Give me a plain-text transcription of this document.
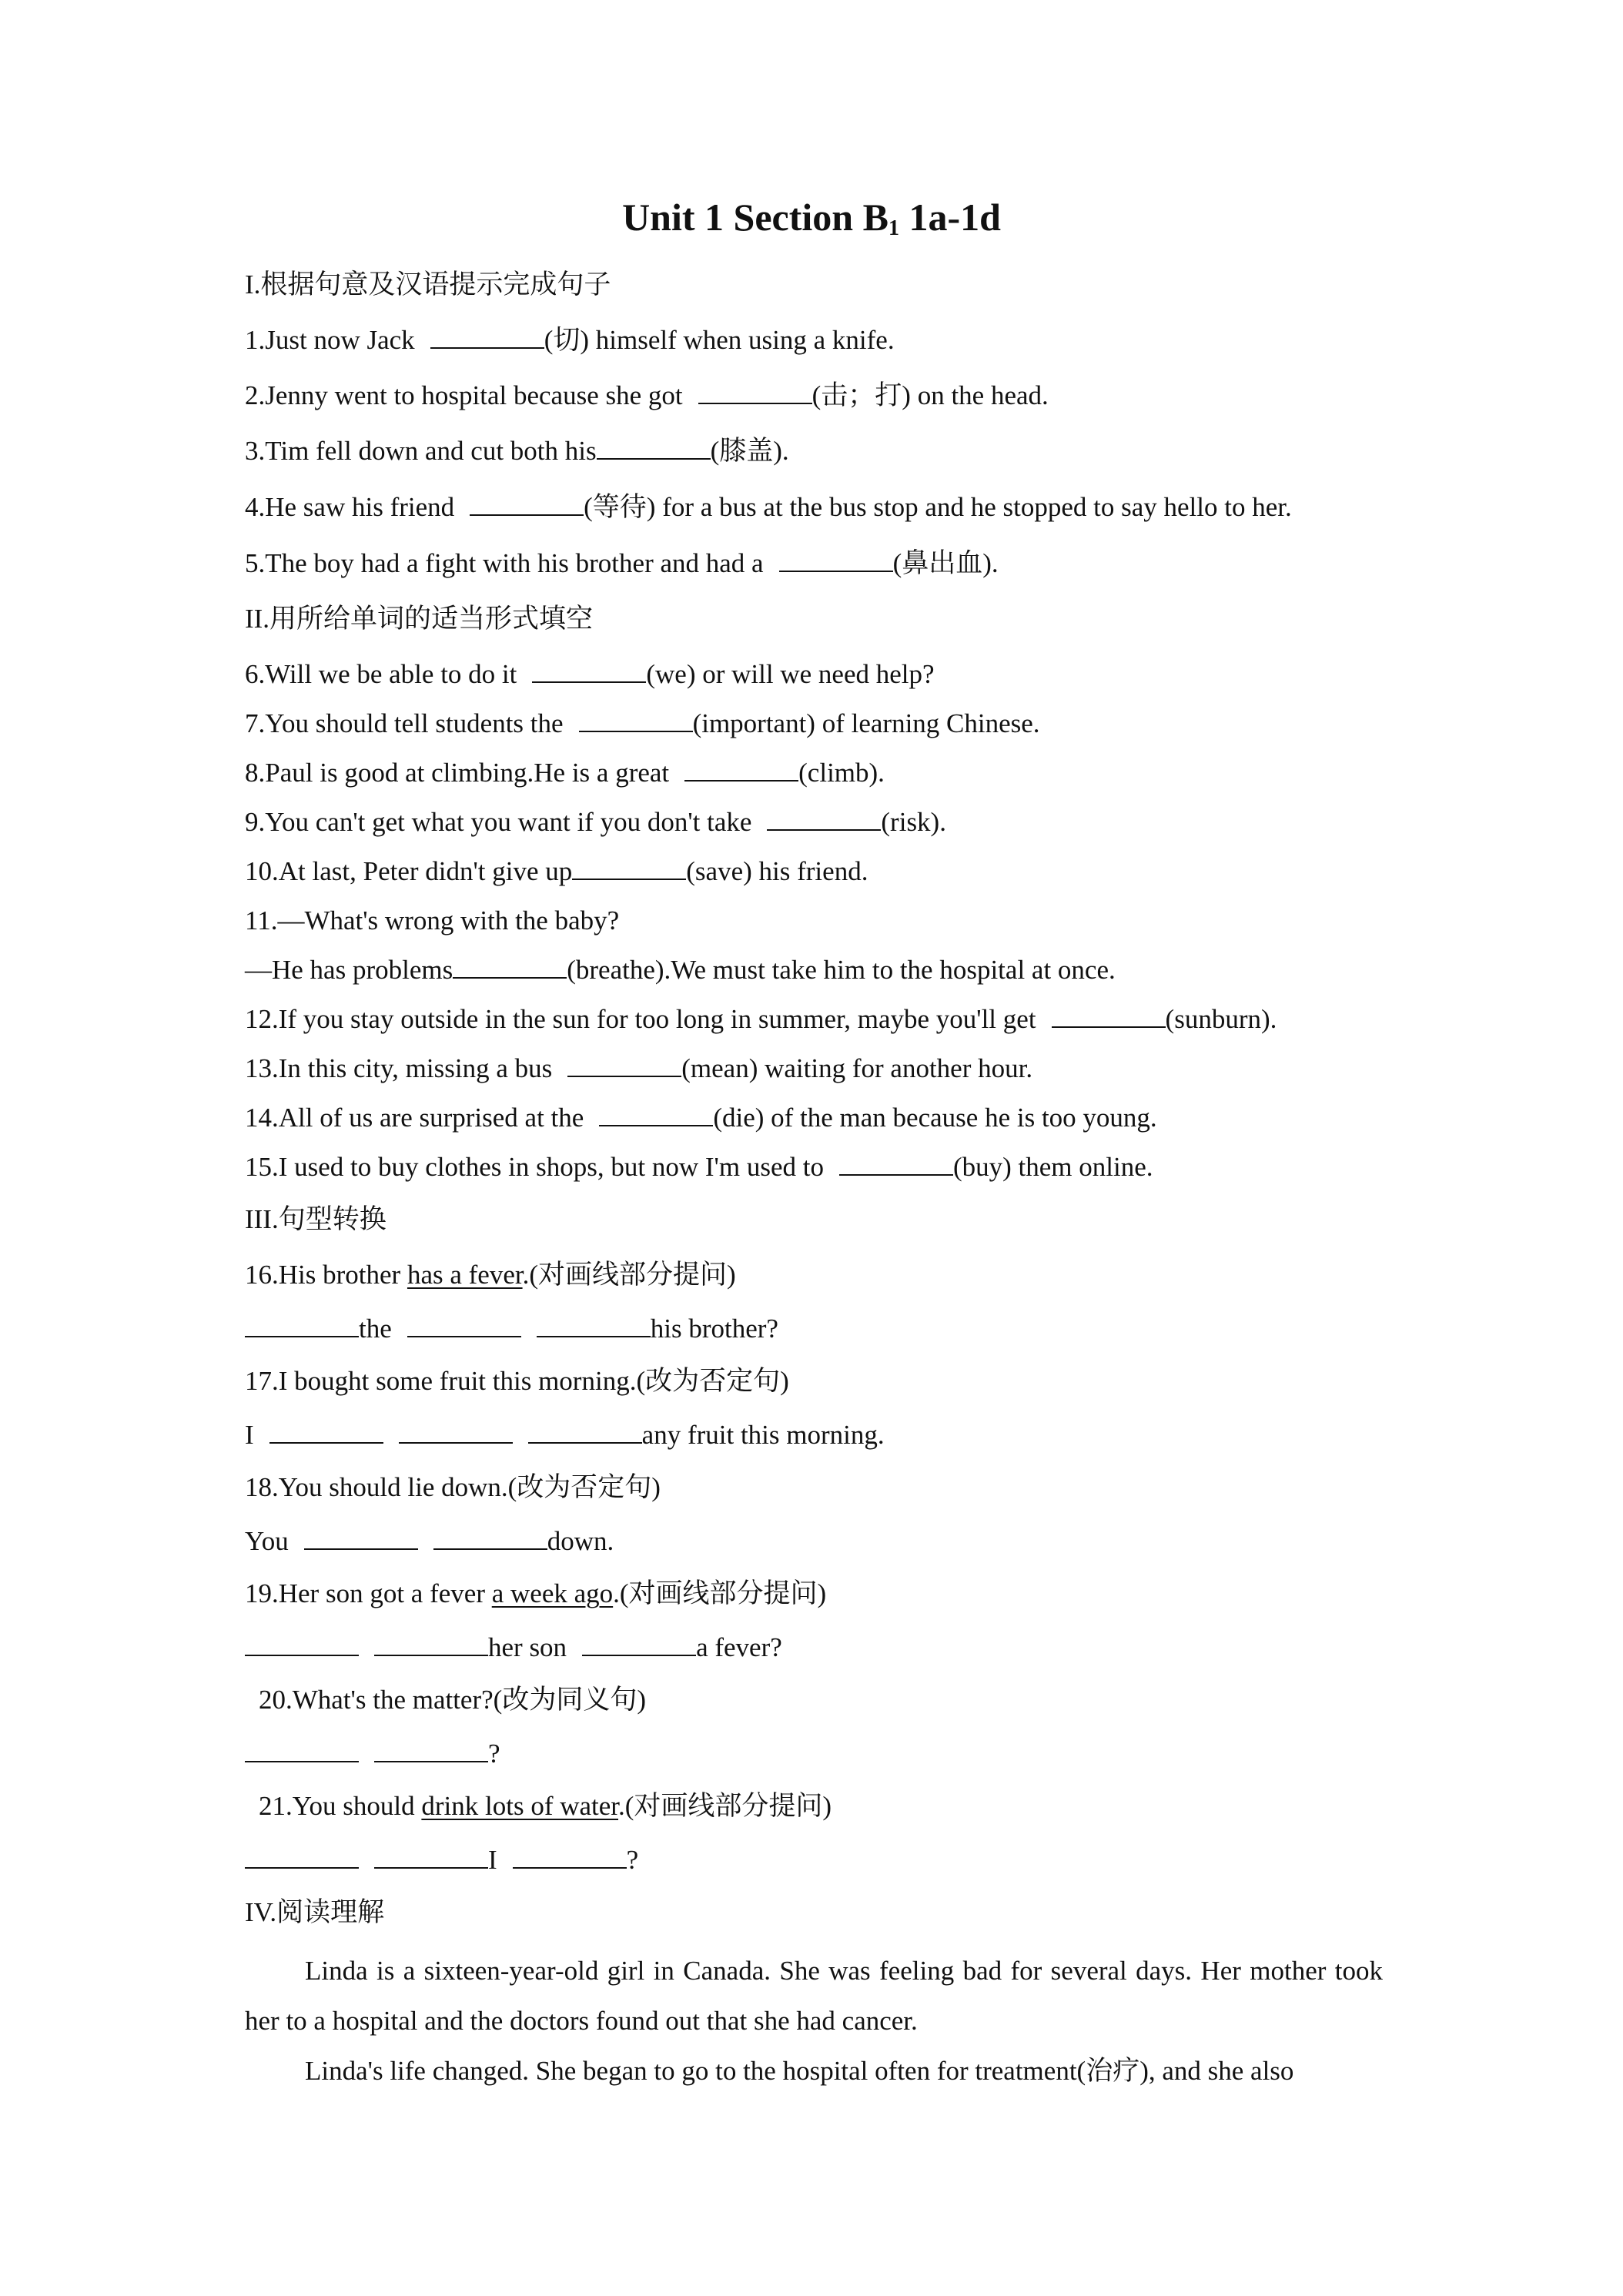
Unit 1 Section $B_1$ 1a-1d
I.根据句意及汉语提示完成句子
1.Just now Jack	(切) himself when using a knife.
2.Jenny went to hospital because she got	(击；打) on the head.
3.Tim fell down and cut both his	(膝盖).
4.He saw his friend	(等待) for a bus at the bus stop and he stopped to say hello to her.
5.The boy had a fight with his brother and had a	(鼻出血).
II.用所给单词的适当形式填空
6.Will we be able to do it	(we) or will we need help?
7.You should tell students the	(important) of learning Chinese.
8.Paul is good at climbing.He is a great	(climb).
9.You can't get what you want if you don't take	(risk).
10.At last, Peter didn't give up	(save) his friend.
11.—What's wrong with the baby?
—He has problems	(breathe).We must take him to the hospital at once.
12.If you stay outside in the sun for too long in summer, maybe you'll get	(sunburn).
13.In this city, missing a bus	(mean) waiting for another hour.
14.All of us are surprised at the	(die) of the man because he is too young.
15.I used to buy clothes in shops, but now I'm used to	(buy) them online.
III.句型转换
16.His brother has a fever.(对画线部分提问)
the	his brother?
17.I bought some fruit this morning.(改为否定句)
I	any fruit this morning.
18.You should lie down.(改为否定句)
You	down.
19.Her son got a fever a week ago.(对画线部分提问)
her son	a fever?
20.What's the matter?(改为同义句)
?
21.You should drink lots of water.(对画线部分提问)
I	?
IV.阅读理解
Linda is a sixteen-year-old girl in Canada. She was feeling bad for several days. Her mother took her to a hospital and the doctors found out that she had cancer.
Linda's life changed. She began to go to the hospital often for treatment(治疗), and she also
